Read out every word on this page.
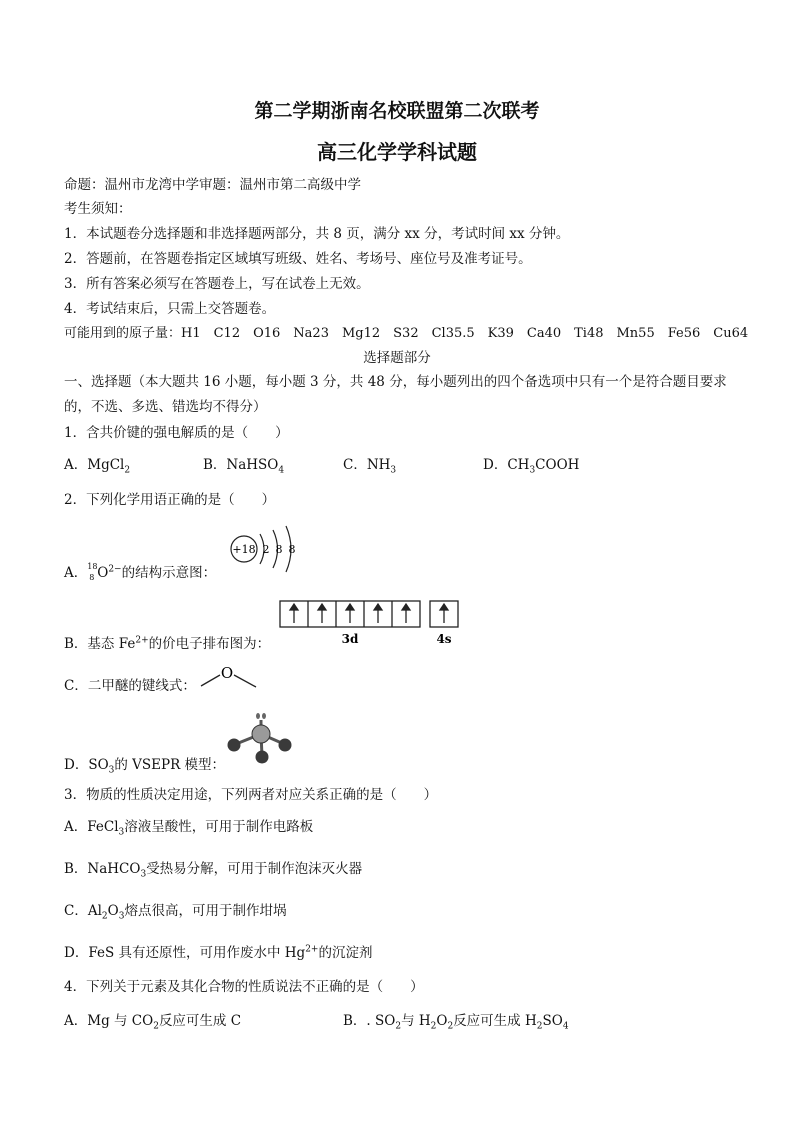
第二学期浙南名校联盟第二次联考
高三化学学科试题
命题：温州市龙湾中学审题：温州市第二高级中学
考生须知：
1．本试题卷分选择题和非选择题两部分，共 8 页，满分 xx 分，考试时间 xx 分钟。
2．答题前，在答题卷指定区域填写班级、姓名、考场号、座位号及准考证号。
3．所有答案必须写在答题卷上，写在试卷上无效。
4．考试结束后，只需上交答题卷。
可能用到的原子量：H1　C12　O16　Na23　Mg12　S32　Cl35.5　K39　Ca40　Ti48　Mn55　Fe56　Cu64
选择题部分
一、选择题（本大题共 16 小题，每小题 3 分，共 48 分，每小题列出的四个备选项中只有一个是符合题目要求
的，不选、多选、错选均不得分）
1．含共价键的强电解质的是（　　）
A．MgCl$_2$	B．NaHSO$_4$	C．$NH_3$	D．$CH_3COOH$
2．下列化学用语正确的是（　　）
A． 18
8 $O^{2-}$的结构示意图：
+18 2 8 8
3d	4s
B．基态 $Fe^{2+}$的价电子排布图为：
C．二甲醚的键线式：
O
D．$SO_3$的 VSEPR 模型：
3．物质的性质决定用途，下列两者对应关系正确的是（　　）
A．FeCl$_3$溶液呈酸性，可用于制作电路板
B．NaHCO$_3$受热易分解，可用于制作泡沫灭火器
C．$Al_2O_3$熔点很高，可用于制作坩埚
D．FeS 具有还原性，可用作废水中 $Hg^{2+}$的沉淀剂
4．下列关于元素及其化合物的性质说法不正确的是（　　）
A．Mg 与 $CO_2$反应可生成 C	B．. $SO_2$与 $H_2O_2$反应可生成 $H_2SO_4$
